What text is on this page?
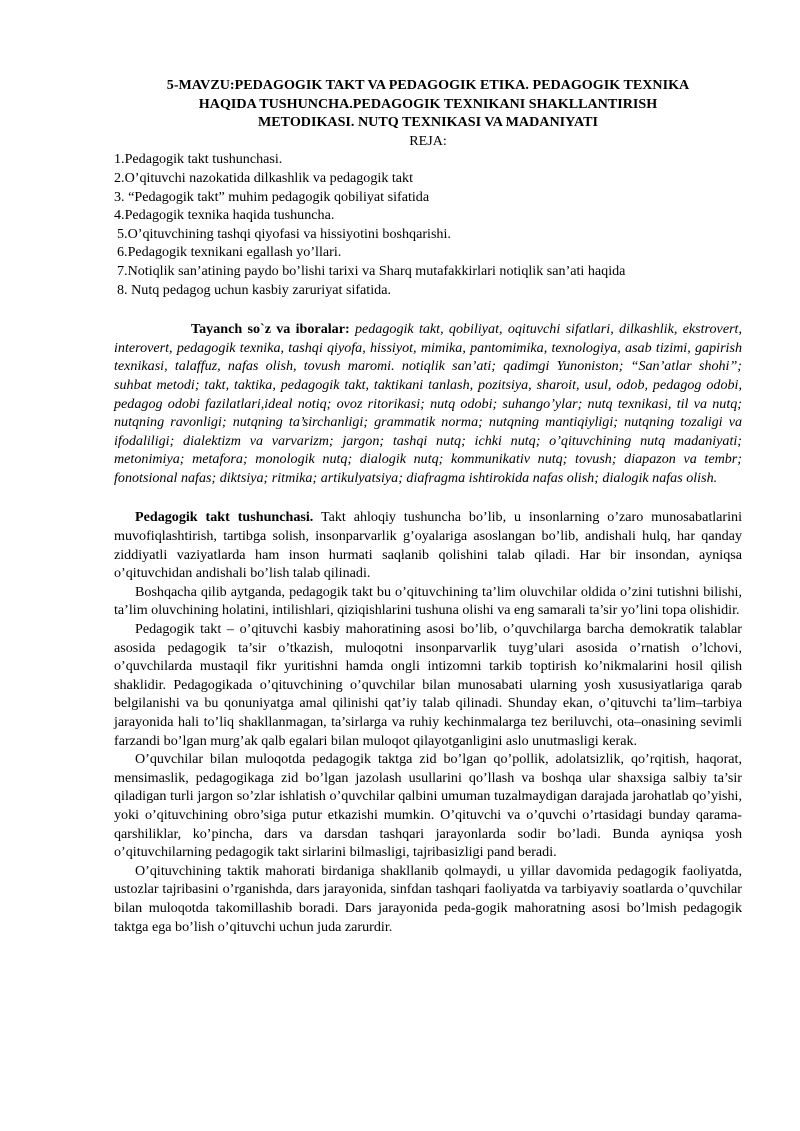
5-MAVZU:PEDAGOGIK TAKT VA PEDAGOGIK ETIKA. PEDAGOGIK TEXNIKA
HAQIDA TUSHUNCHA.PEDAGOGIK TEXNIKANI SHAKLLANTIRISH
METODIKASI. NUTQ TEXNIKASI VA MADANIYATI

REJA:

1.Pedagogik takt tushunchasi.
2.O’qituvchi nazokatida dilkashlik va pedagogik takt
3. “Pedagogik takt” muhim pedagogik qobiliyat sifatida
4.Pedagogik texnika haqida tushuncha.
5.O’qituvchining tashqi qiyofasi va hissiyotini boshqarishi.
6.Pedagogik texnikani egallash yo’llari.
7.Notiqlik san’atining paydo bo’lishi tarixi va Sharq mutafakkirlari notiqlik san’ati haqida
8. Nutq pedagog uchun kasbiy zaruriyat sifatida.

Tayanch so`z va iboralar: pedagogik takt, qobiliyat, oqituvchi sifatlari, dilkashlik, ekstrovert, interovert, pedagogik texnika, tashqi qiyofa, hissiyot, mimika, pantomimika, texnologiya, asab tizimi, gapirish texnikasi, talaffuz, nafas olish, tovush maromi. notiqlik san’ati; qadimgi Yunoniston; “San’atlar shohi”; suhbat metodi; takt, taktika, pedagogik takt, taktikani tanlash, pozitsiya, sharoit, usul, odob, pedagog odobi, pedagog odobi fazilatlari,ideal notiq; ovoz ritorikasi; nutq odobi; suhango’ylar; nutq texnikasi, til va nutq; nutqning ravonligi; nutqning ta’sirchanligi; grammatik norma; nutqning mantiqiyligi; nutqning tozaligi va ifodaliligi; dialektizm va varvarizm; jargon; tashqi nutq; ichki nutq; o’qituvchining nutq madaniyati; metonimiya; metafora; monologik nutq; dialogik nutq; kommunikativ nutq; tovush; diapazon va tembr; fonotsional nafas; diktsiya; ritmika; artikulyatsiya; diafragma ishtirokida nafas olish; dialogik nafas olish.

Pedagogik takt tushunchasi. Takt ahloqiy tushuncha bo’lib, u insonlarning o’zaro munosabatlarini muvofiqlashtirish, tartibga solish, insonparvarlik g’oyalariga asoslangan bo’lib, andishali hulq, har qanday ziddiyatli vaziyatlarda ham inson hurmati saqlanib qolishini talab qiladi. Har bir insondan, ayniqsa o’qituvchidan andishali bo’lish talab qilinadi.

Boshqacha qilib aytganda, pedagogik takt bu o’qituvchining ta’lim oluvchilar oldida o’zini tutishni bilishi, ta’lim oluvchining holatini, intilishlari, qiziqishlarini tushuna olishi va eng samarali ta’sir yo’lini topa olishidir.

Pedagogik takt – o’qituvchi kasbiy mahoratining asosi bo’lib, o’quvchilarga barcha demokratik talablar asosida pedagogik ta’sir o’tkazish, muloqotni insonparvarlik tuyg’ulari asosida o’rnatish o’lchovi, o’quvchilarda mustaqil fikr yuritishni hamda ongli intizomni tarkib toptirish ko’nikmalarini hosil qilish shaklidir. Pedagogikada o’qituvchining o’quvchilar bilan munosabati ularning yosh xususiyatlariga qarab belgilanishi va bu qonuniyatga amal qilinishi qat’iy talab qilinadi. Shunday ekan, o’qituvchi ta’lim–tarbiya jarayonida hali to’liq shakllanmagan, ta’sirlarga va ruhiy kechinmalarga tez beriluvchi, ota–onasining sevimli farzandi bo’lgan murg’ak qalb egalari bilan muloqot qilayotganligini aslo unutmasligi kerak.

O’quvchilar bilan muloqotda pedagogik taktga zid bo’lgan qo’pollik, adolatsizlik, qo’rqitish, haqorat, mensimaslik, pedagogikaga zid bo’lgan jazolash usullarini qo’llash va boshqa ular shaxsiga salbiy ta’sir qiladigan turli jargon so’zlar ishlatish o’quvchilar qalbini umuman tuzalmaydigan darajada jarohatlab qo’yishi, yoki o’qituvchining obro’siga putur etkazishi mumkin. O’qituvchi va o’quvchi o’rtasidagi bunday qarama-qarshiliklar, ko’pincha, dars va darsdan tashqari jarayonlarda sodir bo’ladi. Bunda ayniqsa yosh o’qituvchilarning pedagogik takt sirlarini bilmasligi, tajribasizligi pand beradi.

O’qituvchining taktik mahorati birdaniga shakllanib qolmaydi, u yillar davomida pedagogik faoliyatda, ustozlar tajribasini o’rganishda, dars jarayonida, sinfdan tashqari faoliyatda va tarbiyaviy soatlarda o’quvchilar bilan muloqotda takomillashib boradi. Dars jarayonida peda-gogik mahoratning asosi bo’lmish pedagogik taktga ega bo’lish o’qituvchi uchun juda zarurdir.
